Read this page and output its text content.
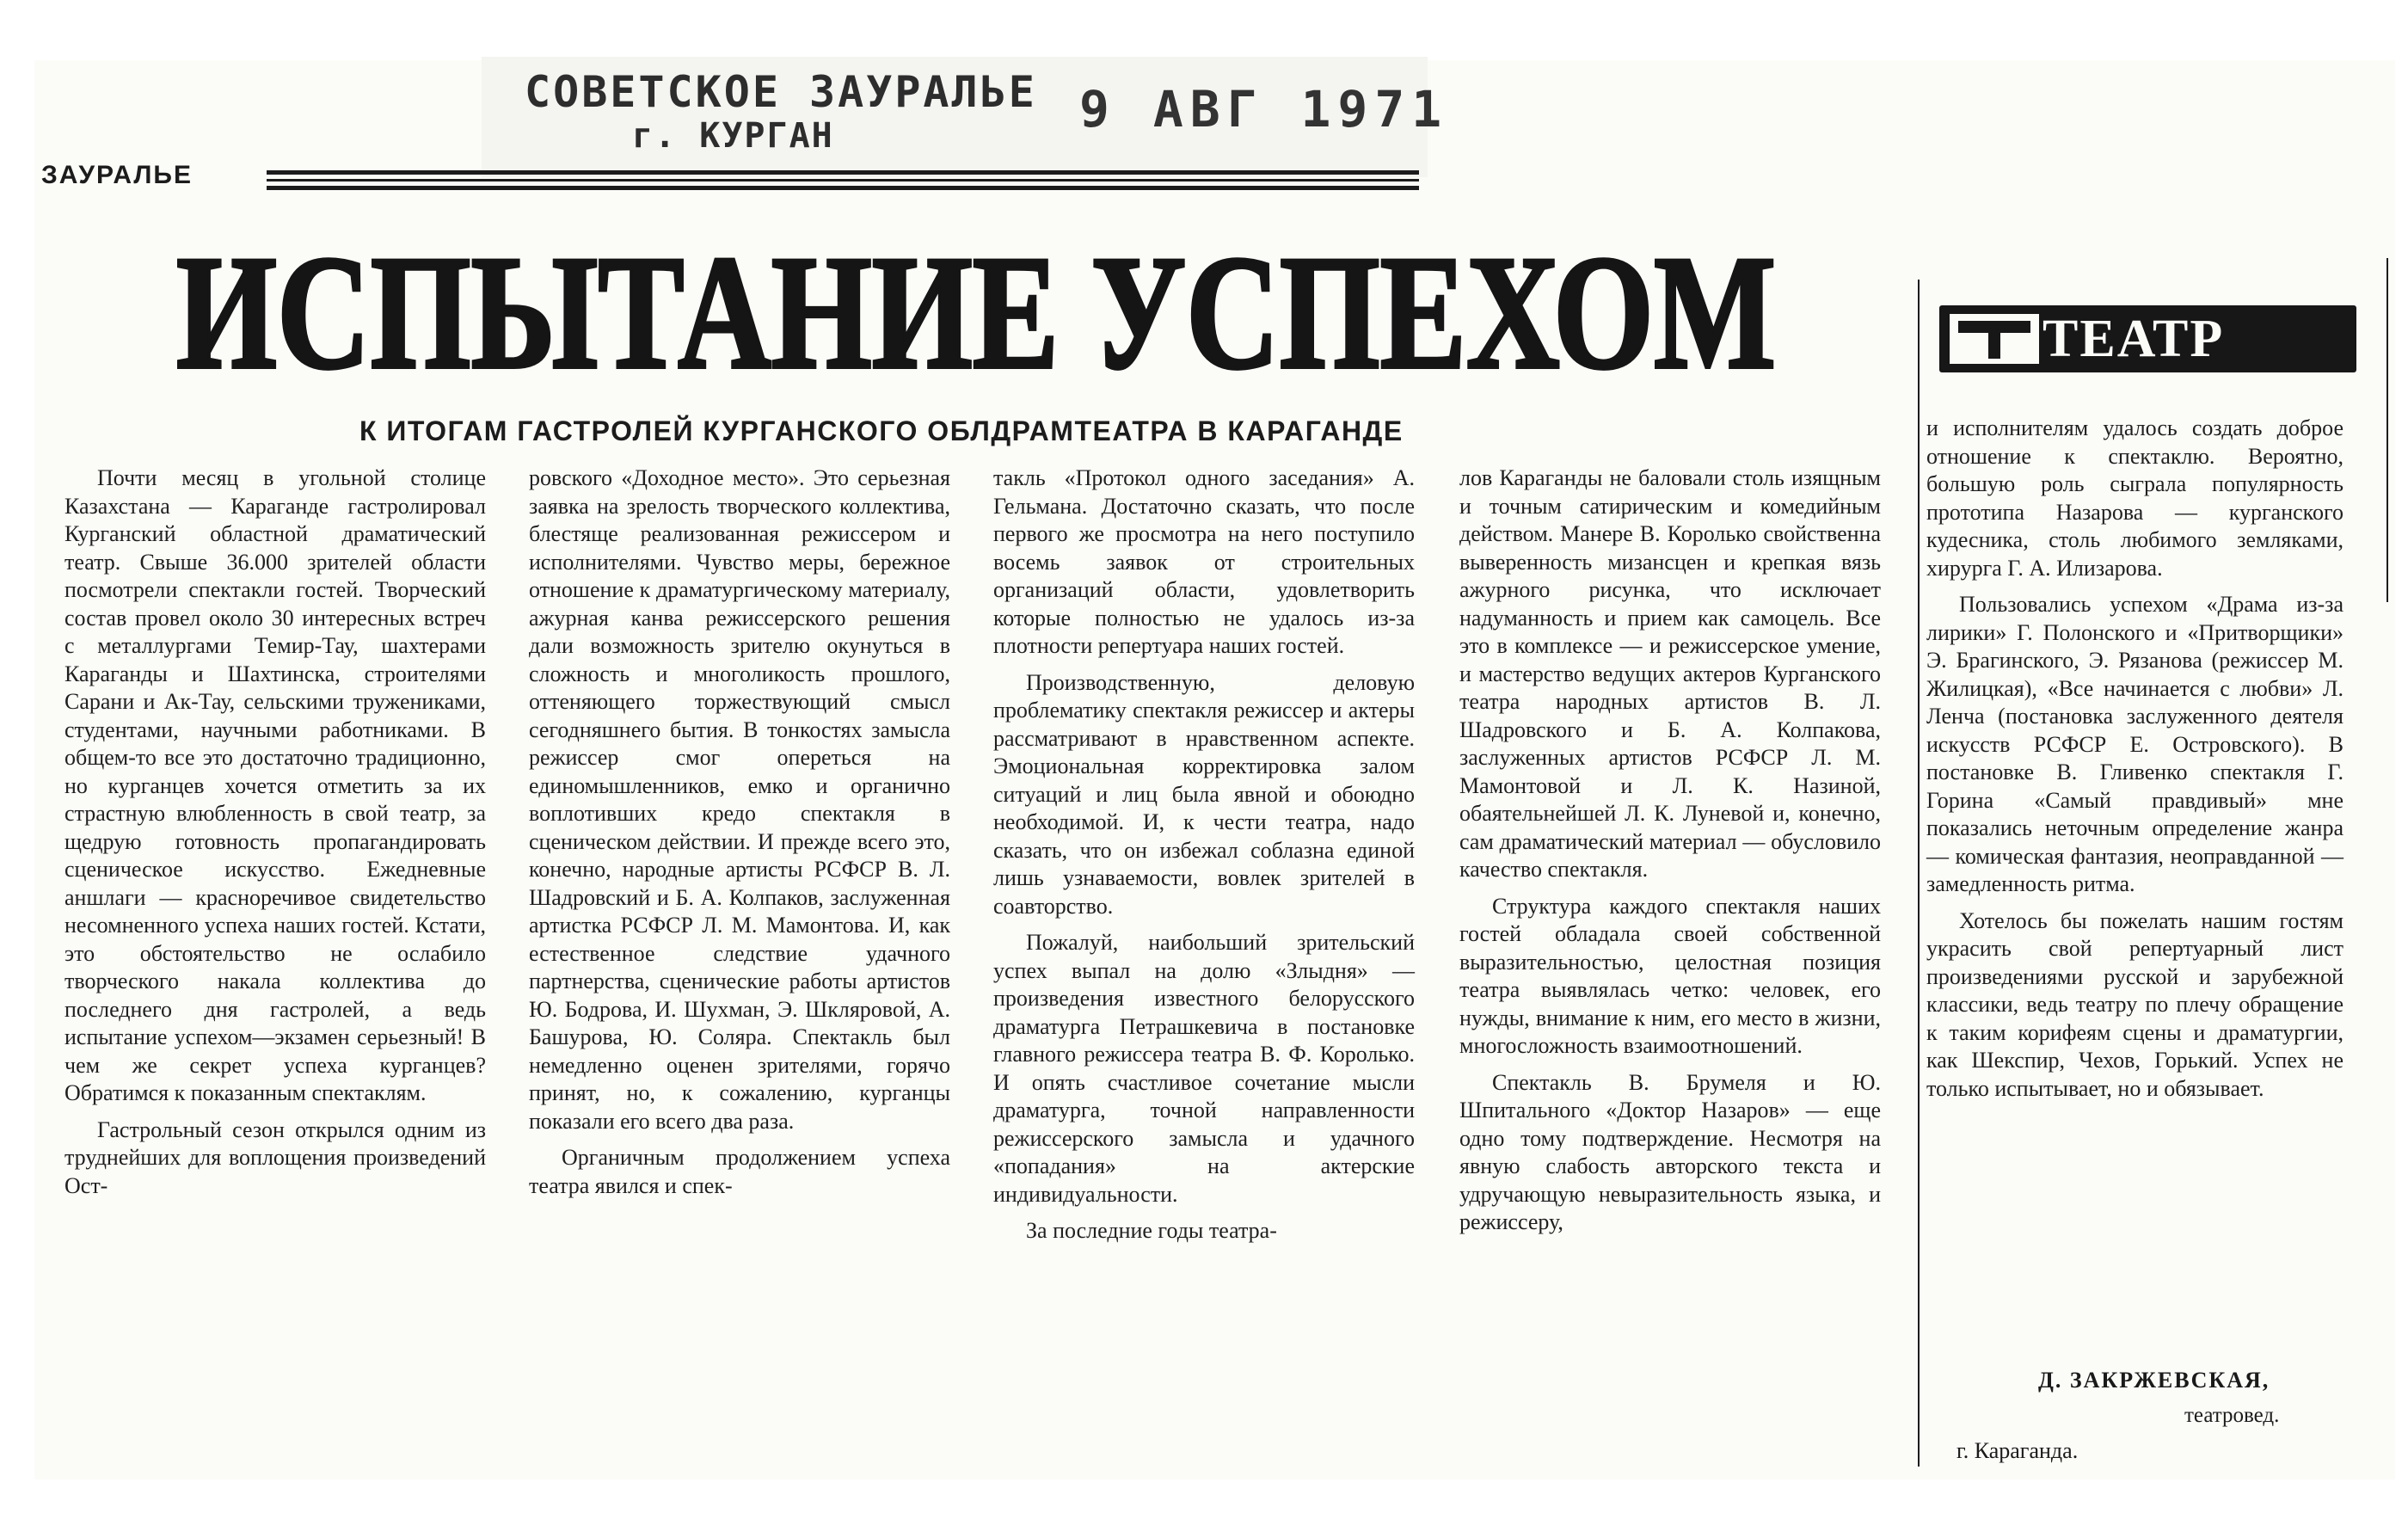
СОВЕТСКОЕ ЗАУРАЛЬЕ
г. КУРГАН	9 АВГ 1971
ЗАУРАЛЬЕ
ИСПЫТАНИЕ УСПЕХОМ
К ИТОГАМ ГАСТРОЛЕЙ КУРГАНСКОГО ОБЛДРАМТЕАТРА В КАРАГАНДЕ
ТЕАТР

Почти месяц в угольной столице Казахстана — Караганде гастролировал Курганский областной драматический театр. Свыше 36.000 зрителей области посмотрели спектакли гостей. Творческий состав провел около 30 интересных встреч с металлургами Темир-Тау, шахтерами Караганды и Шахтинска, строителями Сарани и Ак-Тау, сельскими тружениками, студентами, научными работниками. В общем-то все это достаточно традиционно, но курганцев хочется отметить за их страстную влюбленность в свой театр, за щедрую готовность пропагандировать сценическое искусство. Ежедневные аншлаги — красноречивое свидетельство несомненного успеха наших гостей. Кстати, это обстоятельство не ослабило творческого накала коллектива до последнего дня гастролей, а ведь испытание успехом—экзамен серьезный! В чем же секрет успеха курганцев? Обратимся к показанным спектаклям.

Гастрольный сезон открылся одним из труднейших для воплощения произведений Ост-

ровского «Доходное место». Это серьезная заявка на зрелость творческого коллектива, блестяще реализованная режиссером и исполнителями. Чувство меры, бережное отношение к драматургическому материалу, ажурная канва режиссерского решения дали возможность зрителю окунуться в сложность и многоликость прошлого, оттеняющего торжествующий смысл сегодняшнего бытия. В тонкостях замысла режиссер смог опереться на единомышленников, емко и органично воплотивших кредо спектакля в сценическом действии. И прежде всего это, конечно, народные артисты РСФСР В. Л. Шадровский и Б. А. Колпаков, заслуженная артистка РСФСР Л. М. Мамонтова. И, как естественное следствие удачного партнерства, сценические работы артистов Ю. Бодрова, И. Шухман, Э. Шкляровой, А. Башурова, Ю. Соляра. Спектакль был немедленно оценен зрителями, горячо принят, но, к сожалению, курганцы показали его всего два раза.

Органичным продолжением успеха театра явился и спек-

такль «Протокол одного заседания» А. Гельмана. Достаточно сказать, что после первого же просмотра на него поступило восемь заявок от строительных организаций области, удовлетворить которые полностью не удалось из-за плотности репертуара наших гостей.

Производственную, деловую проблематику спектакля режиссер и актеры рассматривают в нравственном аспекте. Эмоциональная корректировка залом ситуаций и лиц была явной и обоюдно необходимой. И, к чести театра, надо сказать, что он избежал соблазна единой лишь узнаваемости, вовлек зрителей в соавторство.

Пожалуй, наибольший зрительский успех выпал на долю «Злыдня» — произведения известного белорусского драматурга Петрашкевича в постановке главного режиссера театра В. Ф. Королько. И опять счастливое сочетание мысли драматурга, точной направленности режиссерского замысла и удачного «попадания» на актерские индивидуальности.

За последние годы театра-

лов Караганды не баловали столь изящным и точным сатирическим и комедийным действом. Манере В. Королько свойственна выверенность мизансцен и крепкая вязь ажурного рисунка, что исключает надуманность и прием как самоцель. Все это в комплексе — и режиссерское умение, и мастерство ведущих актеров Курганского театра народных артистов В. Л. Шадровского и Б. А. Колпакова, заслуженных артистов РСФСР Л. М. Мамонтовой и Л. К. Назиной, обаятельнейшей Л. К. Луневой и, конечно, сам драматический материал — обусловило качество спектакля.

Структура каждого спектакля наших гостей обладала своей собственной выразительностью, целостная позиция театра выявлялась четко: человек, его нужды, внимание к ним, его место в жизни, многосложность взаимоотношений.

Спектакль В. Брумеля и Ю. Шпитального «Доктор Назаров» — еще одно тому подтверждение. Несмотря на явную слабость авторского текста и удручающую невыразительность языка, и режиссеру,

и исполнителям удалось создать доброе отношение к спектаклю. Вероятно, большую роль сыграла популярность прототипа Назарова — курганского кудесника, столь любимого земляками, хирурга Г. А. Илизарова.

Пользовались успехом «Драма из-за лирики» Г. Полонского и «Притворщики» Э. Брагинского, Э. Рязанова (режиссер М. Жилицкая), «Все начинается с любви» Л. Ленча (постановка заслуженного деятеля искусств РСФСР Е. Островского). В постановке В. Гливенко спектакля Г. Горина «Самый правдивый» мне показались неточным определение жанра — комическая фантазия, неоправданной — замедленность ритма.

Хотелось бы пожелать нашим гостям украсить свой репертуарный лист произведениями русской и зарубежной классики, ведь театру по плечу обращение к таким корифеям сцены и драматургии, как Шекспир, Чехов, Горький. Успех не только испытывает, но и обязывает.

Д. ЗАКРЖЕВСКАЯ,
театровед.
г. Караганда.
